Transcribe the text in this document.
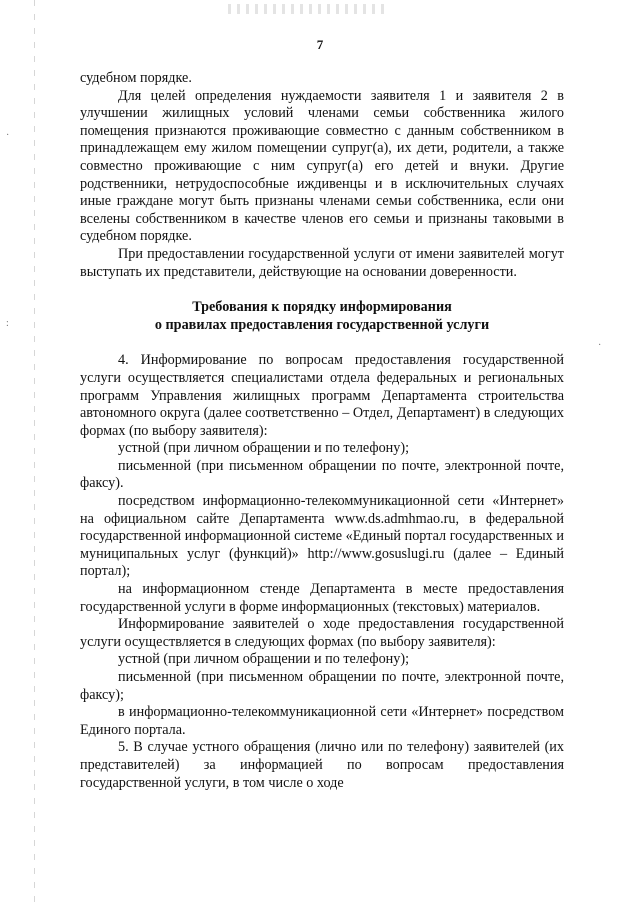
·
:
·
7

судебном порядке.

Для целей определения нуждаемости заявителя 1 и заявителя 2 в улучшении жилищных условий членами семьи собственника жилого помещения признаются проживающие совместно с данным собственником в принадлежащем ему жилом помещении супруг(а), их дети, родители, а также совместно проживающие с ним супруг(а) его детей и внуки. Другие родственники, нетрудоспособные иждивенцы и в исключительных случаях иные граждане могут быть признаны членами семьи собственника, если они вселены собственником в качестве членов его семьи и признаны таковыми в судебном порядке.

При предоставлении государственной услуги от имени заявителей могут выступать их представители, действующие на основании доверенности.

Требования к порядку информирования
о правилах предоставления государственной услуги

4. Информирование по вопросам предоставления государственной услуги осуществляется специалистами отдела федеральных и региональных программ Управления жилищных программ Департамента строительства автономного округа (далее соответственно – Отдел, Департамент) в следующих формах (по выбору заявителя):

устной (при личном обращении и по телефону);

письменной (при письменном обращении по почте, электронной почте, факсу).

посредством информационно-телекоммуникационной сети «Интернет» на официальном сайте Департамента www.ds.admhmao.ru, в федеральной государственной информационной системе «Единый портал государственных и муниципальных услуг (функций)» http://www.gosuslugi.ru (далее – Единый портал);

на информационном стенде Департамента в месте предоставления государственной услуги в форме информационных (текстовых) материалов.

Информирование заявителей о ходе предоставления государственной услуги осуществляется в следующих формах (по выбору заявителя):

устной (при личном обращении и по телефону);

письменной (при письменном обращении по почте, электронной почте, факсу);

в информационно-телекоммуникационной сети «Интернет» посредством Единого портала.

5. В случае устного обращения (лично или по телефону) заявителей (их представителей) за информацией по вопросам предоставления государственной услуги, в том числе о ходе
